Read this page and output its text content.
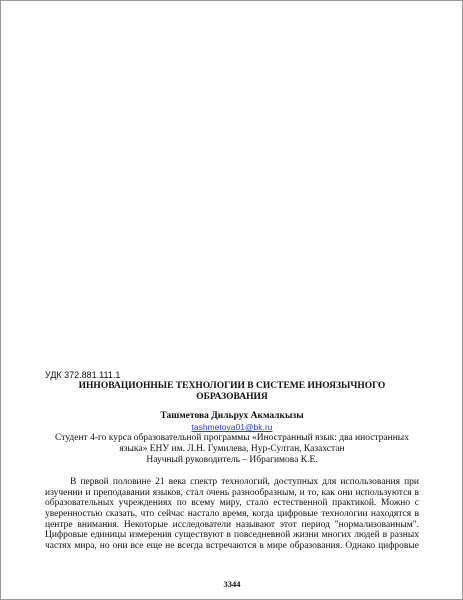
УДК 372.881.111.1
ИННОВАЦИОННЫЕ ТЕХНОЛОГИИ В СИСТЕМЕ ИНОЯЗЫЧНОГО
ОБРАЗОВАНИЯ
Ташметова Дильрух Акмалкызы
tashmetova01@bk.ru
Студент 4-го курса образовательной программы «Иностранный язык: два иностранных
языка» ЕНУ им. Л.Н. Гумилева, Нур-Султан, Казахстан
Научный руководитель – Ибрагимова К.Е.
В первой половине 21 века спектр технологий, доступных для использования при
изучении и преподавании языков, стал очень разнообразным, и то, как они используются в
образовательных учреждениях по всему миру, стало естественной практикой. Можно с
уверенностью сказать, что сейчас настало время, когда цифровые технологии находятся в
центре внимания. Некоторые исследователи называют этот период "нормализованным".
Цифровые единицы измерения существуют в повседневной жизни многих людей в разных
частях мира, но они все еще не всегда встречаются в мире образования. Однако цифровые
3344
